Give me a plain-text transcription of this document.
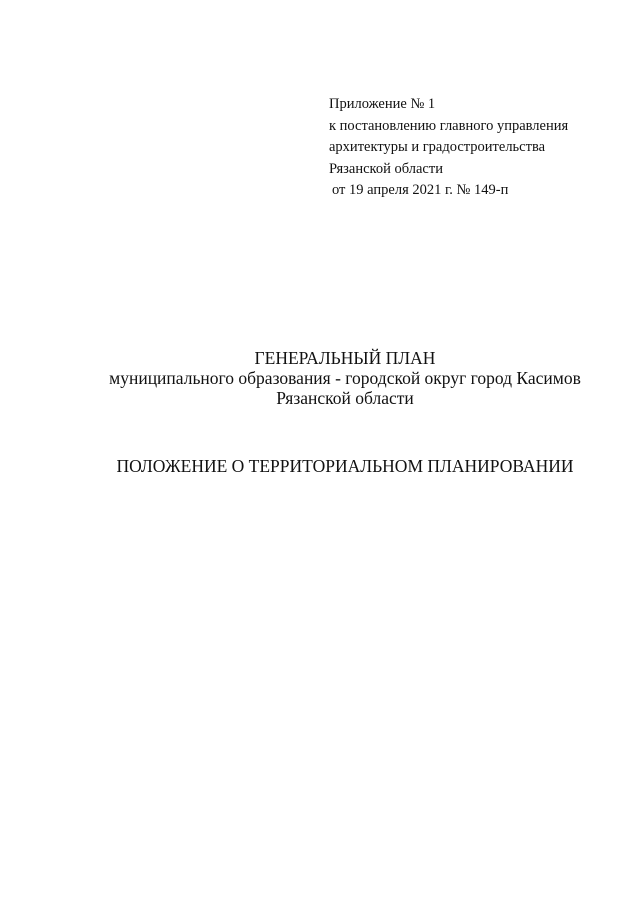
Приложение № 1
к постановлению главного управления
архитектуры и градостроительства
Рязанской области
от 19 апреля 2021 г. № 149-п
ГЕНЕРАЛЬНЫЙ ПЛАН
муниципального образования - городской округ город Касимов
Рязанской области
ПОЛОЖЕНИЕ О ТЕРРИТОРИАЛЬНОМ ПЛАНИРОВАНИИ
